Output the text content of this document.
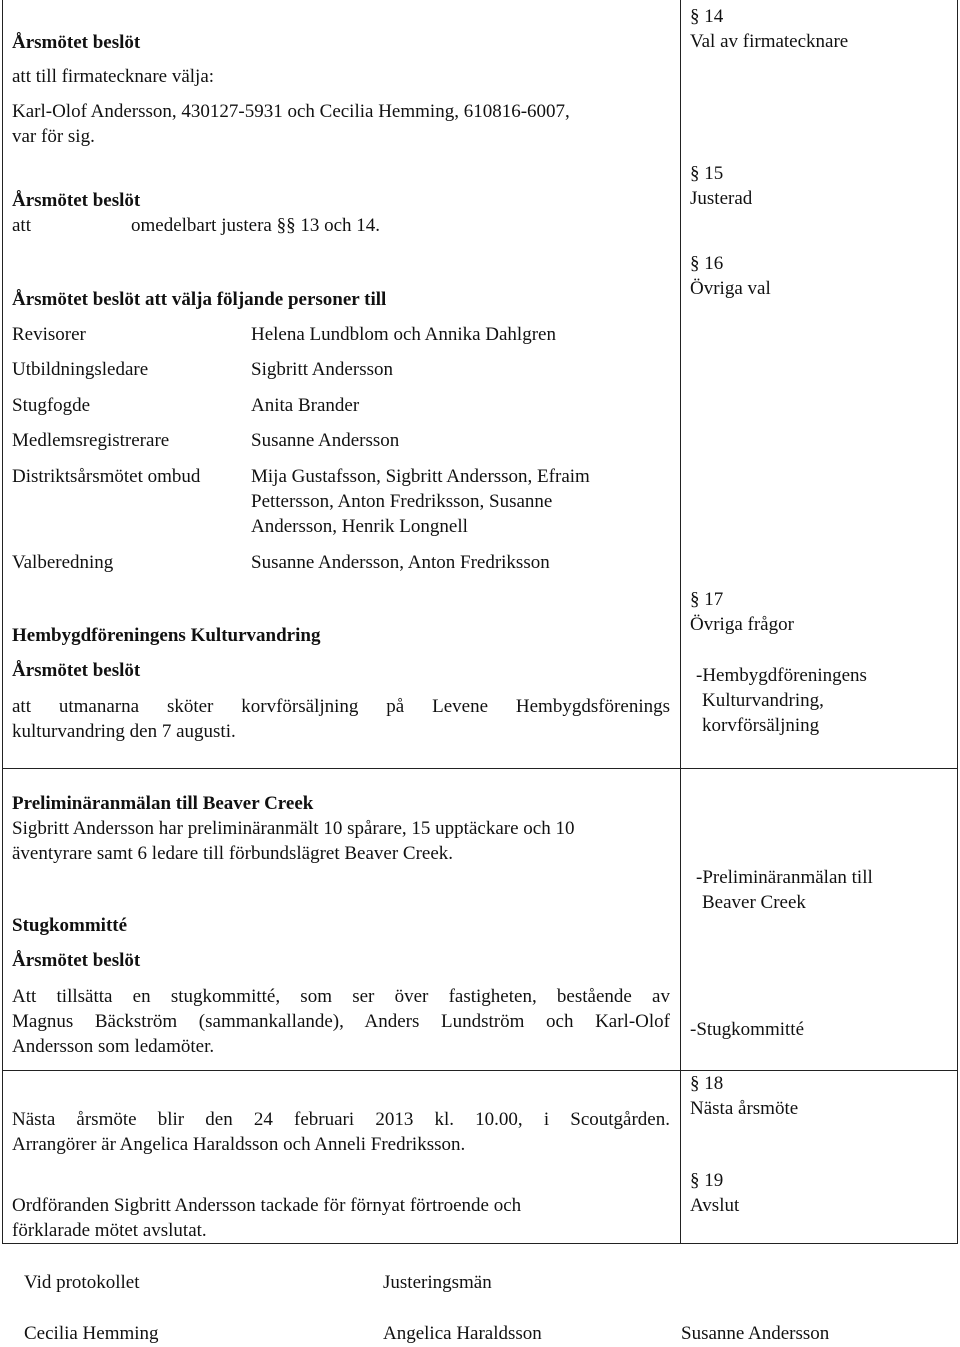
Årsmötet beslöt
att till firmatecknare välja:
Karl-Olof Andersson, 430127-5931 och Cecilia Hemming, 610816-6007,
var för sig.
Årsmötet beslöt
att	omedelbart justera §§ 13 och 14.
Årsmötet beslöt att välja följande personer till
Revisorer	Helena Lundblom och Annika Dahlgren
Utbildningsledare	Sigbritt Andersson
Stugfogde	Anita Brander
Medlemsregistrerare	Susanne Andersson
Distriktsårsmötet ombud	Mija Gustafsson, Sigbritt Andersson, Efraim
Pettersson, Anton Fredriksson, Susanne
Andersson, Henrik Longnell
Valberedning	Susanne Andersson, Anton Fredriksson
Hembygdföreningens Kulturvandring
Årsmötet beslöt
att utmanarna sköter korvförsäljning på Levene Hembygdsförenings
kulturvandring den 7 augusti.
Preliminäranmälan till Beaver Creek
Sigbritt Andersson har preliminäranmält 10 spårare, 15 upptäckare och 10
äventyrare samt 6 ledare till förbundslägret Beaver Creek.
Stugkommitté
Årsmötet beslöt
Att tillsätta en stugkommitté, som ser över fastigheten, bestående av
Magnus Bäckström (sammankallande), Anders Lundström och Karl-Olof
Andersson som ledamöter.
Nästa årsmöte blir den 24 februari 2013 kl. 10.00, i Scoutgården.
Arrangörer är Angelica Haraldsson och Anneli Fredriksson.
Ordföranden Sigbritt Andersson tackade för förnyat förtroende och
förklarade mötet avslutat.
§ 14
Val av firmatecknare
§ 15
Justerad
§ 16
Övriga val
§ 17
Övriga frågor
-Hembygdföreningens
Kulturvandring,
korvförsäljning
-Preliminäranmälan till
Beaver Creek
-Stugkommitté
§ 18
Nästa årsmöte
§ 19
Avslut
Vid protokollet	Justeringsmän
Cecilia Hemming	Angelica Haraldsson	Susanne Andersson
